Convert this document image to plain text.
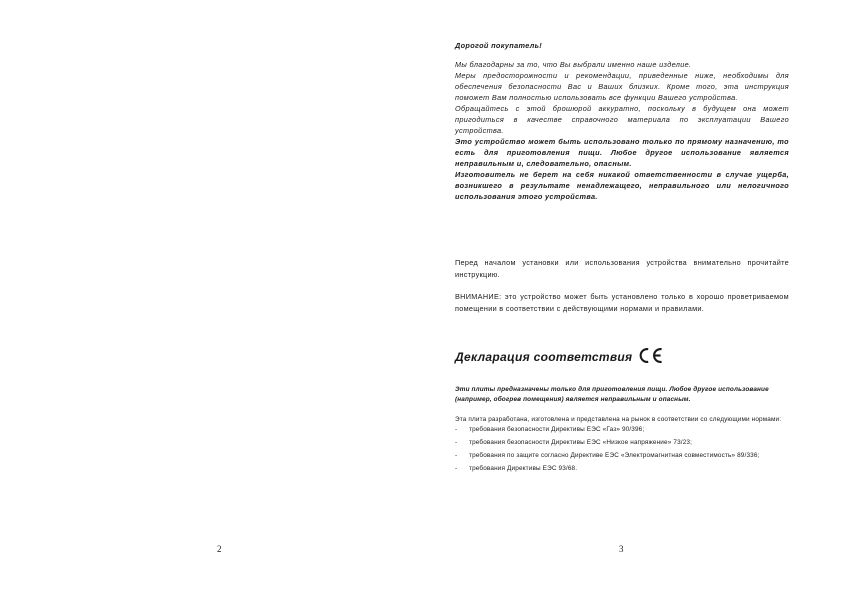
Дорогой покупатель!

Мы благодарны за то, что Вы выбрали именно наше изделие.

Меры предосторожности и рекомендации, приведенные ниже, необходимы для обеспечения безопасности Вас и Ваших близких. Кроме того, эта инструкция поможет Вам полностью использовать все функции Вашего устройства.

Обращайтесь с этой брошюрой аккуратно, поскольку в будущем она может пригодиться в качестве справочного материала по эксплуатации Вашего устройства.

Это устройство может быть использовано только по прямому назначению, то есть для приготовления пищи. Любое другое использование является неправильным и, следовательно, опасным.

Изготовитель не берет на себя никакой ответственности в случае ущерба, возникшего в результате ненадлежащего, неправильного или нелогичного использования этого устройства.

Перед началом установки или использования устройства внимательно прочитайте инструкцию.

ВНИМАНИЕ: это устройство может быть установлено только в хорошо проветриваемом помещении в соответствии с действующими нормами и правилами.

Декларация соответствия

Эти плиты предназначены только для приготовления пищи. Любое другое использование (например, обогрев помещения) является неправильным и опасным.

Эта плита разработана, изготовлена и представлена на рынок в соответствии со следующими нормами:

- требования безопасности Директивы ЕЭС «Газ» 90/396;
- требования безопасности Директивы ЕЭС «Низкое напряжение» 73/23;
- требования по защите согласно Директиве ЕЭС «Электромагнитная совместимость» 89/336;
- требования Директивы ЕЭС 93/68.
2	3
